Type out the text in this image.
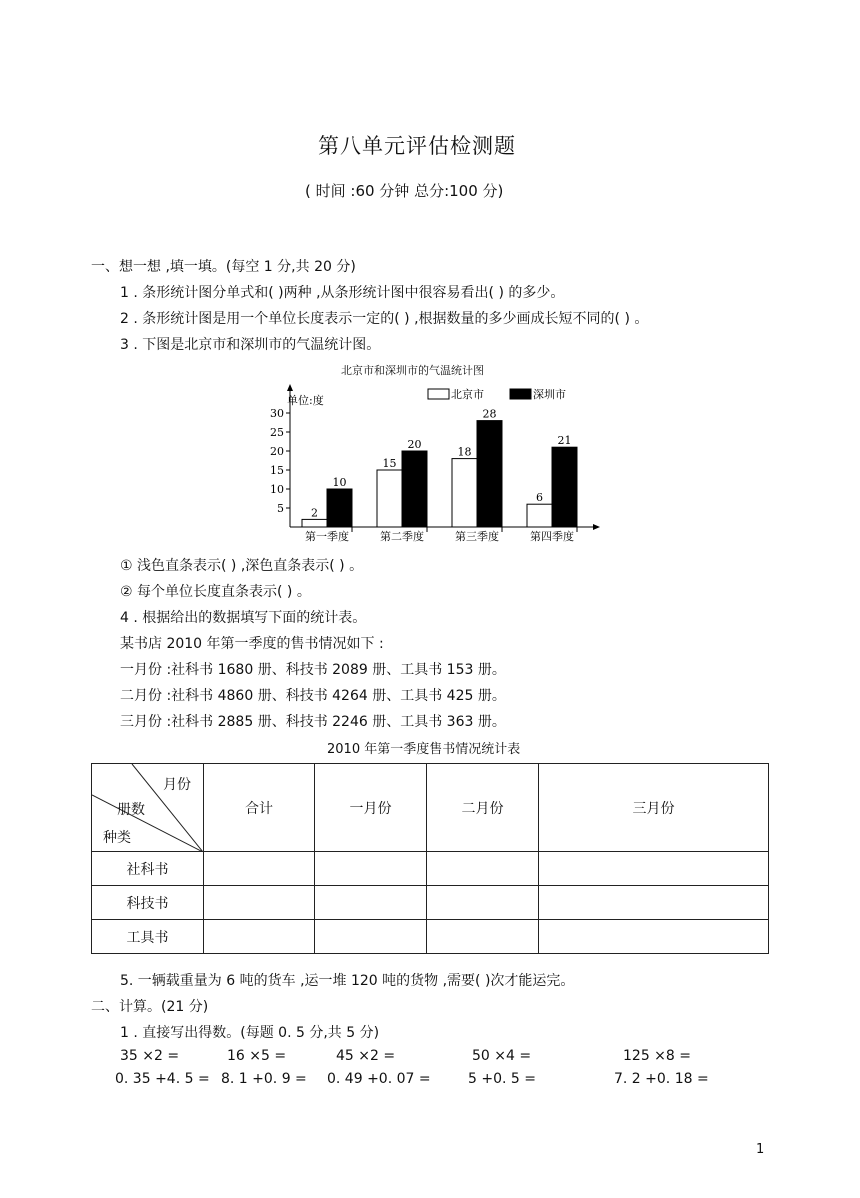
第八单元评估检测题
( 时间 :60 分钟 总分:100 分)
一、想一想 ,填一填。(每空 1 分,共 20 分)
1 . 条形统计图分单式和( )两种 ,从条形统计图中很容易看出( ) 的多少。
2 . 条形统计图是用一个单位长度表示一定的( ) ,根据数量的多少画成长短不同的( ) 。
3 . 下图是北京市和深圳市的气温统计图。
北京市和深圳市的气温统计图
北京市	深圳市
单位:度
5
10
15
20
25
30
2
10
第一季度
15
20
第二季度
18
28
第三季度
6
21
第四季度
① 浅色直条表示( ) ,深色直条表示( ) 。
② 每个单位长度直条表示( ) 。
4 . 根据给出的数据填写下面的统计表。
某书店 2010 年第一季度的售书情况如下 :
一月份 :社科书 1680 册、科技书 2089 册、工具书 153 册。
二月份 :社科书 4860 册、科技书 4264 册、工具书 425 册。
三月份 :社科书 2885 册、科技书 2246 册、工具书 363 册。
2010 年第一季度售书情况统计表
月份
册数
种类	合计	一月份	二月份	三月份
社科书				
科技书				
工具书				
5. 一辆载重量为 6 吨的货车 ,运一堆 120 吨的货物 ,需要( )次才能运完。
二、计算。(21 分)
1 . 直接写出得数。(每题 0. 5 分,共 5 分)
35 ×2 =	16 ×5 =	45 ×2 =	50 ×4 =	125 ×8 =
0. 35 +4. 5 = 8. 1 +0. 9 = 0. 49 +0. 07 =	5 +0. 5 =	7. 2 +0. 18 =
1
